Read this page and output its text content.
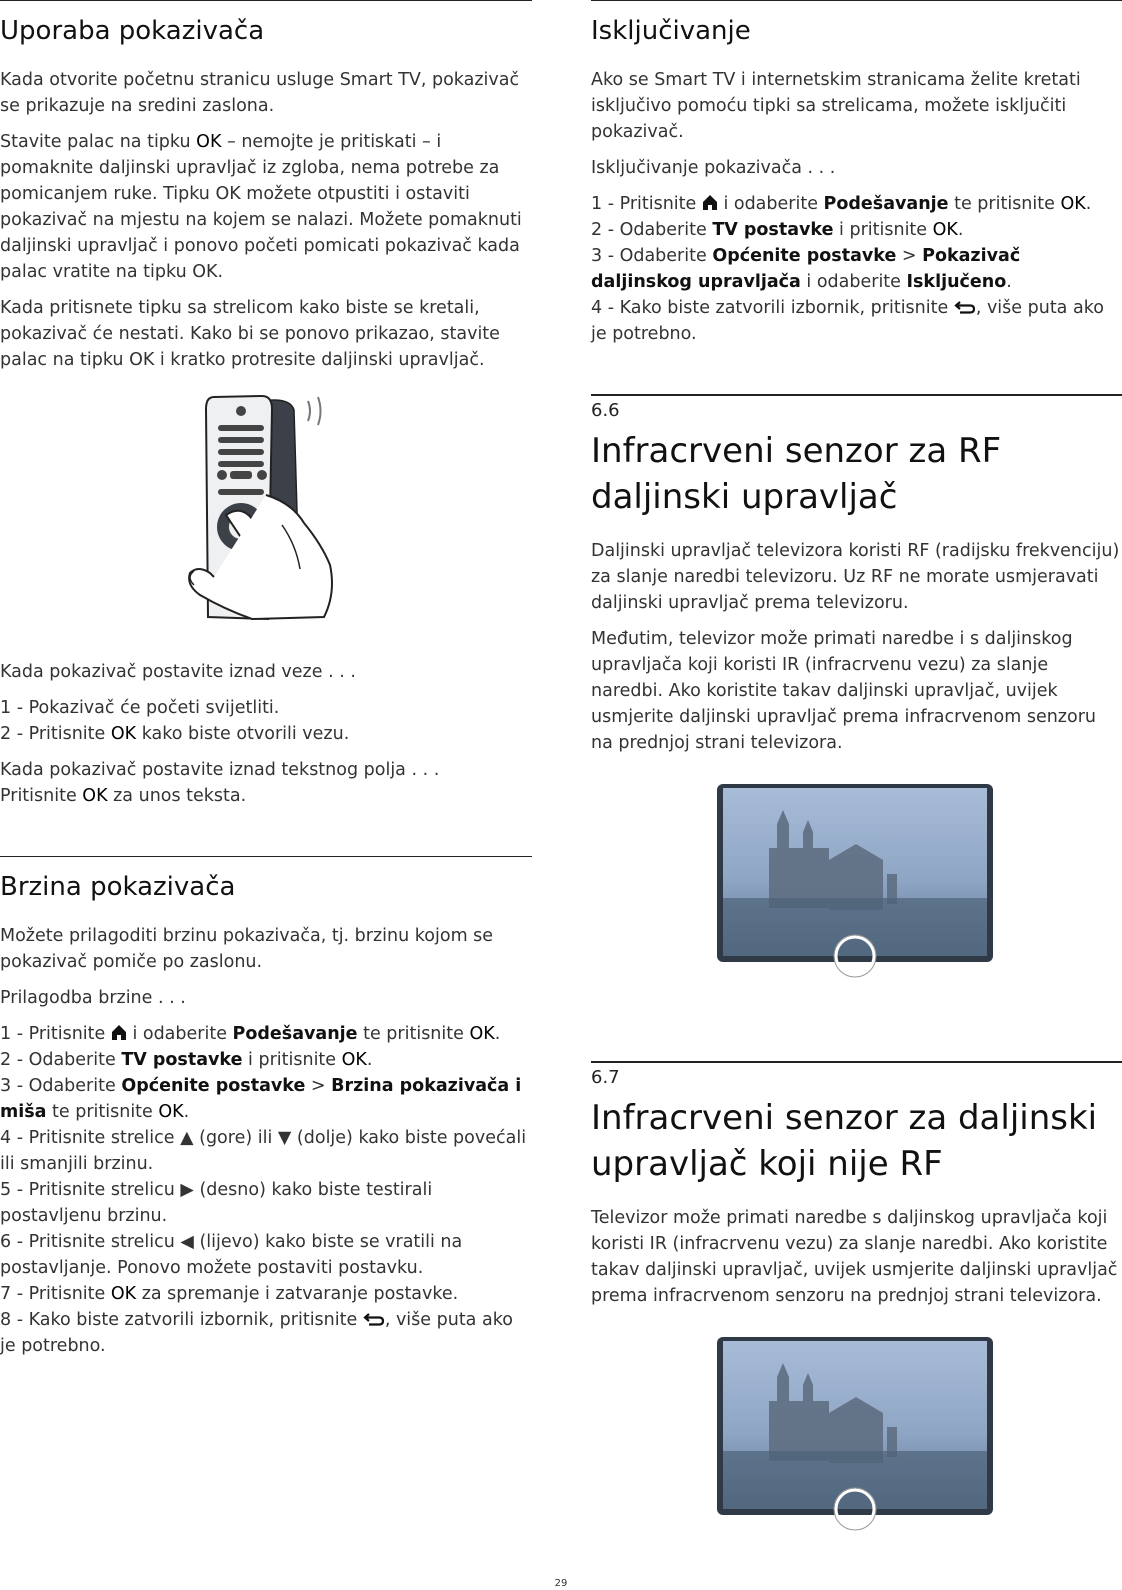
Uporaba pokazivača

Kada otvorite početnu stranicu usluge Smart TV, pokazivač se prikazuje na sredini zaslona.

Stavite palac na tipku OK – nemojte je pritiskati – i pomaknite daljinski upravljač iz zgloba, nema potrebe za pomicanjem ruke. Tipku OK možete otpustiti i ostaviti pokazivač na mjestu na kojem se nalazi. Možete pomaknuti daljinski upravljač i ponovo početi pomicati pokazivač kada palac vratite na tipku OK.

Kada pritisnete tipku sa strelicom kako biste se kretali, pokazivač će nestati. Kako bi se ponovo prikazao, stavite palac na tipku OK i kratko protresite daljinski upravljač.

Kada pokazivač postavite iznad veze . . .

1 - Pokazivač će početi svijetliti.
2 - Pritisnite OK kako biste otvorili vezu.

Kada pokazivač postavite iznad tekstnog polja . . .
Pritisnite OK za unos teksta.

Brzina pokazivača

Možete prilagoditi brzinu pokazivača, tj. brzinu kojom se pokazivač pomiče po zaslonu.

Prilagodba brzine . . .

1 - Pritisnite  i odaberite Podešavanje te pritisnite OK.
2 - Odaberite TV postavke i pritisnite OK.
3 - Odaberite Općenite postavke > Brzina pokazivača i miša te pritisnite OK.
4 - Pritisnite strelice ▲ (gore) ili ▼ (dolje) kako biste povećali ili smanjili brzinu.
5 - Pritisnite strelicu ▶ (desno) kako biste testirali postavljenu brzinu.
6 - Pritisnite strelicu ◀ (lijevo) kako biste se vratili na postavljanje. Ponovo možete postaviti postavku.
7 - Pritisnite OK za spremanje i zatvaranje postavke.
8 - Kako biste zatvorili izbornik, pritisnite , više puta ako je potrebno.

Isključivanje

Ako se Smart TV i internetskim stranicama želite kretati isključivo pomoću tipki sa strelicama, možete isključiti pokazivač.

Isključivanje pokazivača . . .

1 - Pritisnite  i odaberite Podešavanje te pritisnite OK.
2 - Odaberite TV postavke i pritisnite OK.
3 - Odaberite Općenite postavke > Pokazivač daljinskog upravljača i odaberite Isključeno.
4 - Kako biste zatvorili izbornik, pritisnite , više puta ako je potrebno.

6.6
Infracrveni senzor za RF daljinski upravljač

Daljinski upravljač televizora koristi RF (radijsku frekvenciju) za slanje naredbi televizoru. Uz RF ne morate usmjeravati daljinski upravljač prema televizoru.

Međutim, televizor može primati naredbe i s daljinskog upravljača koji koristi IR (infracrvenu vezu) za slanje naredbi. Ako koristite takav daljinski upravljač, uvijek usmjerite daljinski upravljač prema infracrvenom senzoru na prednjoj strani televizora.

6.7
Infracrveni senzor za daljinski upravljač koji nije RF

Televizor može primati naredbe s daljinskog upravljača koji koristi IR (infracrvenu vezu) za slanje naredbi. Ako koristite takav daljinski upravljač, uvijek usmjerite daljinski upravljač prema infracrvenom senzoru na prednjoj strani televizora.

29
